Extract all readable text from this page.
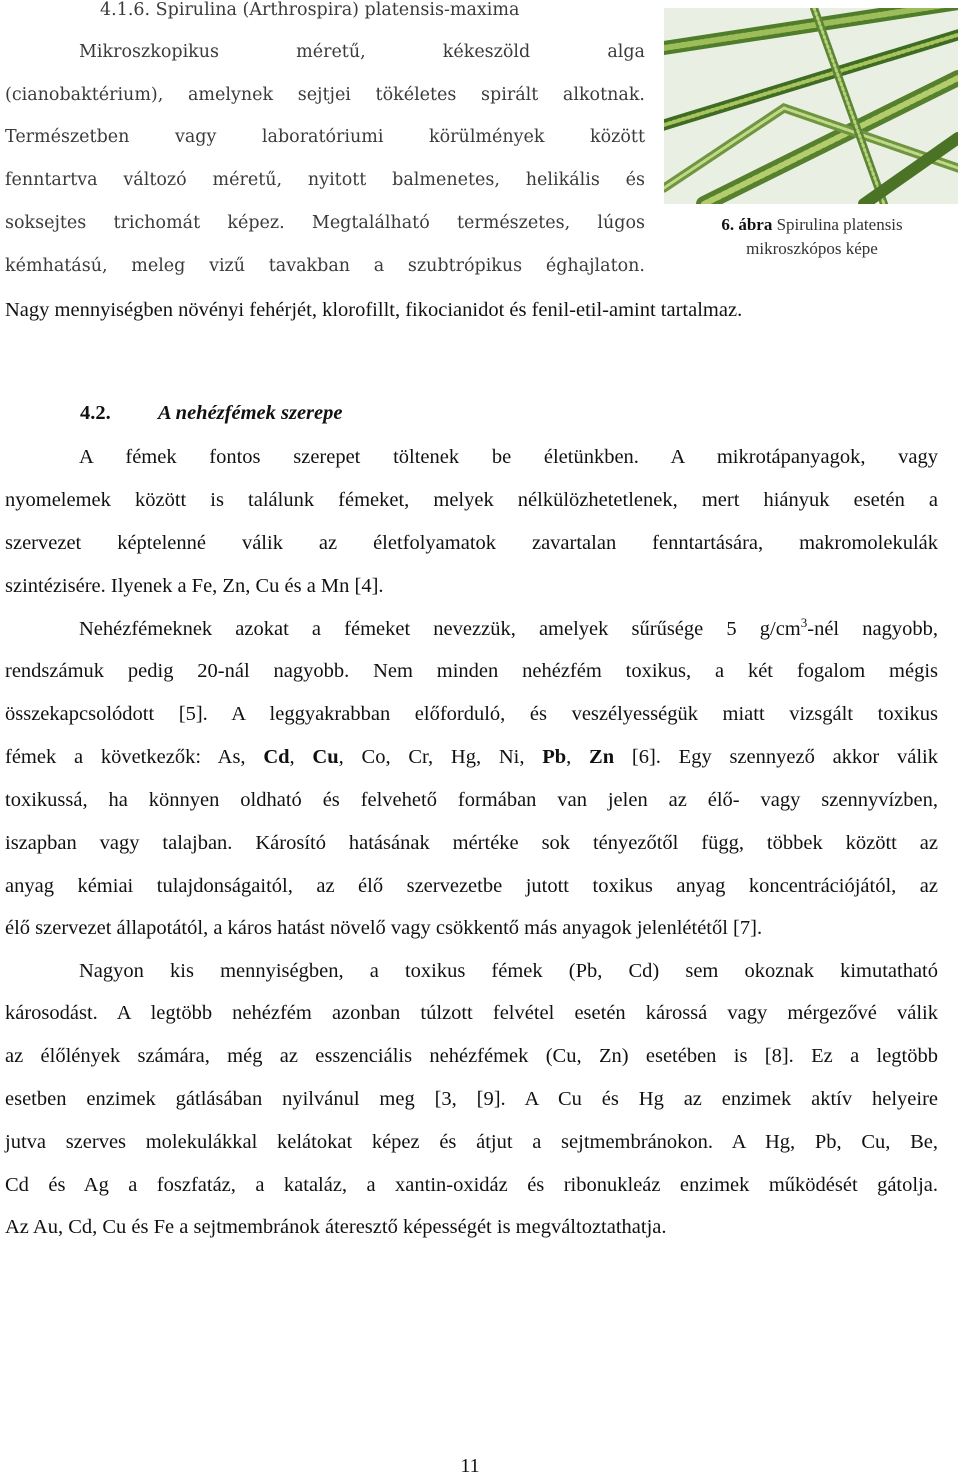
4.1.6. Spirulina (Arthrospira) platensis-maxima
Mikroszkopikus méretű, kékeszöld alga
(cianobaktérium), amelynek sejtjei tökéletes spirált alkotnak.
Természetben vagy laboratóriumi körülmények között
fenntartva változó méretű, nyitott balmenetes, helikális és
soksejtes trichomát képez. Megtalálható természetes, lúgos
kémhatású, meleg vizű tavakban a szubtrópikus éghajlaton.
Nagy mennyiségben növényi fehérjét, klorofillt, fikocianidot és fenil-etil-amint tartalmaz.
6. ábra Spirulina platensis
mikroszkópos képe
4.2. A nehézfémek szerepe
A fémek fontos szerepet töltenek be életünkben. A mikrotápanyagok, vagy
nyomelemek között is találunk fémeket, melyek nélkülözhetetlenek, mert hiányuk esetén a
szervezet képtelenné válik az életfolyamatok zavartalan fenntartására, makromolekulák
szintézisére. Ilyenek a Fe, Zn, Cu és a Mn [4].
Nehézfémeknek azokat a fémeket nevezzük, amelyek sűrűsége 5 $g/cm^3$-nél nagyobb,
rendszámuk pedig 20-nál nagyobb. Nem minden nehézfém toxikus, a két fogalom mégis
összekapcsolódott [5]. A leggyakrabban előforduló, és veszélyességük miatt vizsgált toxikus
fémek a következők: As, Cd, Cu, Co, Cr, Hg, Ni, Pb, Zn [6]. Egy szennyező akkor válik
toxikussá, ha könnyen oldható és felvehető formában van jelen az élő- vagy szennyvízben,
iszapban vagy talajban. Károsító hatásának mértéke sok tényezőtől függ, többek között az
anyag kémiai tulajdonságaitól, az élő szervezetbe jutott toxikus anyag koncentrációjától, az
élő szervezet állapotától, a káros hatást növelő vagy csökkentő más anyagok jelenlététől [7].
Nagyon kis mennyiségben, a toxikus fémek (Pb, Cd) sem okoznak kimutatható
károsodást. A legtöbb nehézfém azonban túlzott felvétel esetén károssá vagy mérgezővé válik
az élőlények számára, még az esszenciális nehézfémek (Cu, Zn) esetében is [8]. Ez a legtöbb
esetben enzimek gátlásában nyilvánul meg [3, [9]. A Cu és Hg az enzimek aktív helyeire
jutva szerves molekulákkal kelátokat képez és átjut a sejtmembránokon. A Hg, Pb, Cu, Be,
Cd és Ag a foszfatáz, a kataláz, a xantin-oxidáz és ribonukleáz enzimek működését gátolja.
Az Au, Cd, Cu és Fe a sejtmembránok áteresztő képességét is megváltoztathatja.
11
